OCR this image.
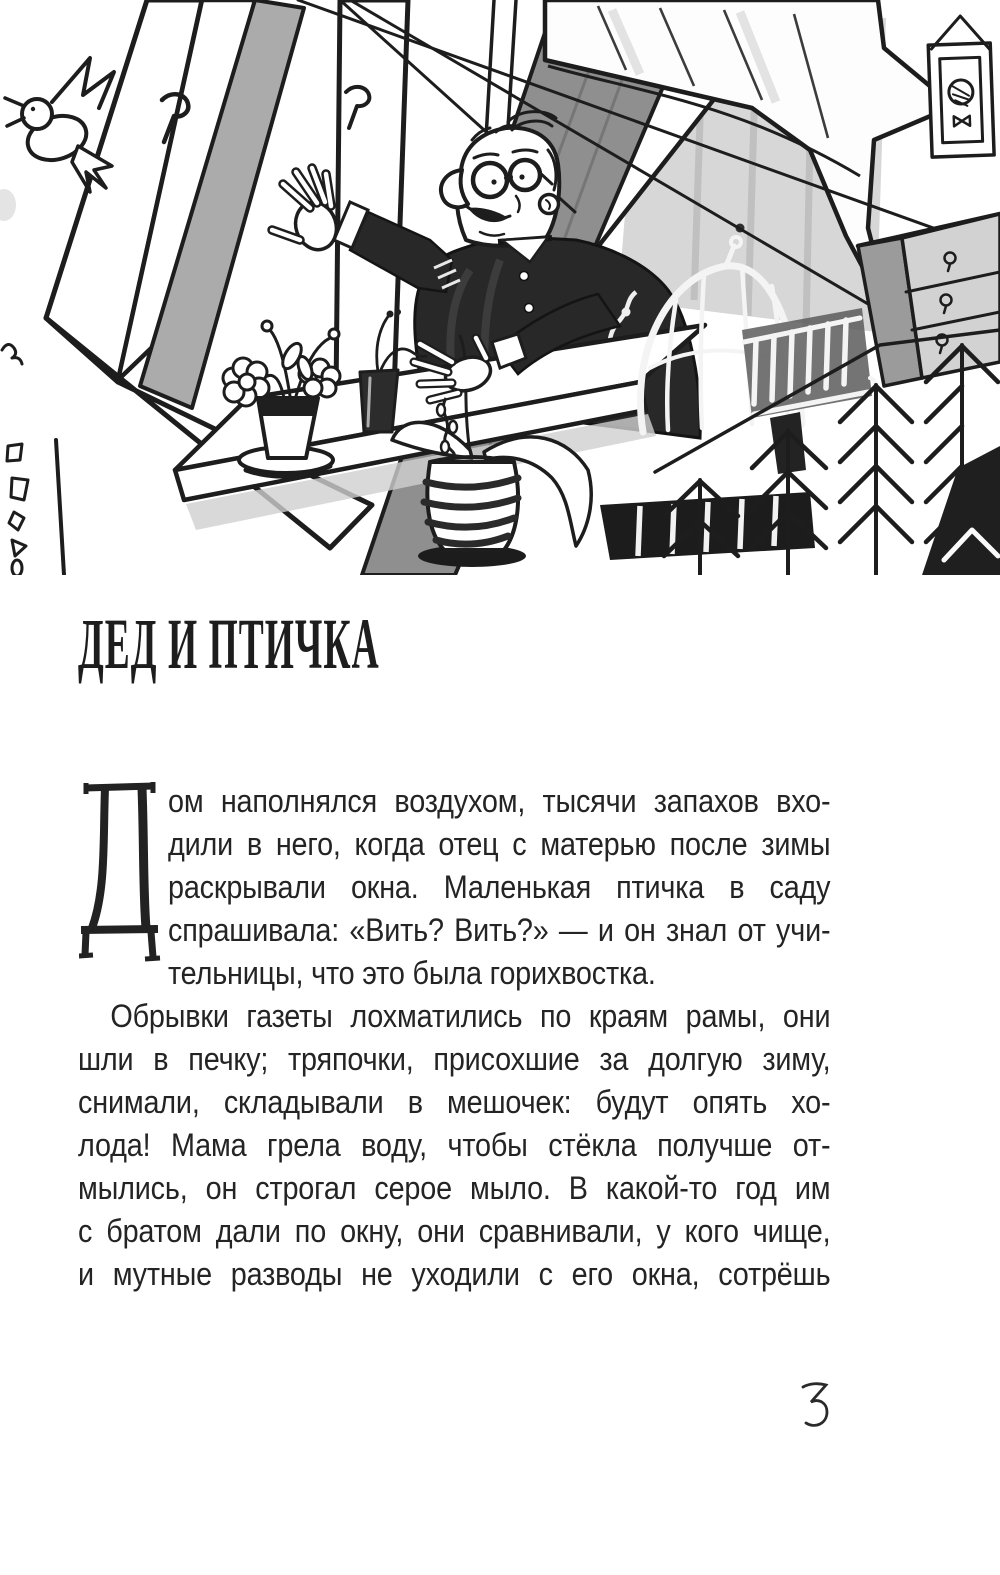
ДЕД И ПТИЧКА
ом наполнялся воздухом, тысячи запахов вхо-
дили в него, когда отец с матерью после зимы
раскрывали окна. Маленькая птичка в саду
спрашивала: «Вить? Вить?» — и он знал от учи-
тельницы, что это была горихвостка.
Обрывки газеты лохматились по краям рамы, они
шли в печку; тряпочки, присохшие за долгую зиму,
снимали, складывали в мешочек: будут опять хо-
лода! Мама грела воду, чтобы стёкла получше от-
мылись, он строгал серое мыло. В какой-то год им
с братом дали по окну, они сравнивали, у кого чище,
и мутные разводы не уходили с его окна, сотрёшь
